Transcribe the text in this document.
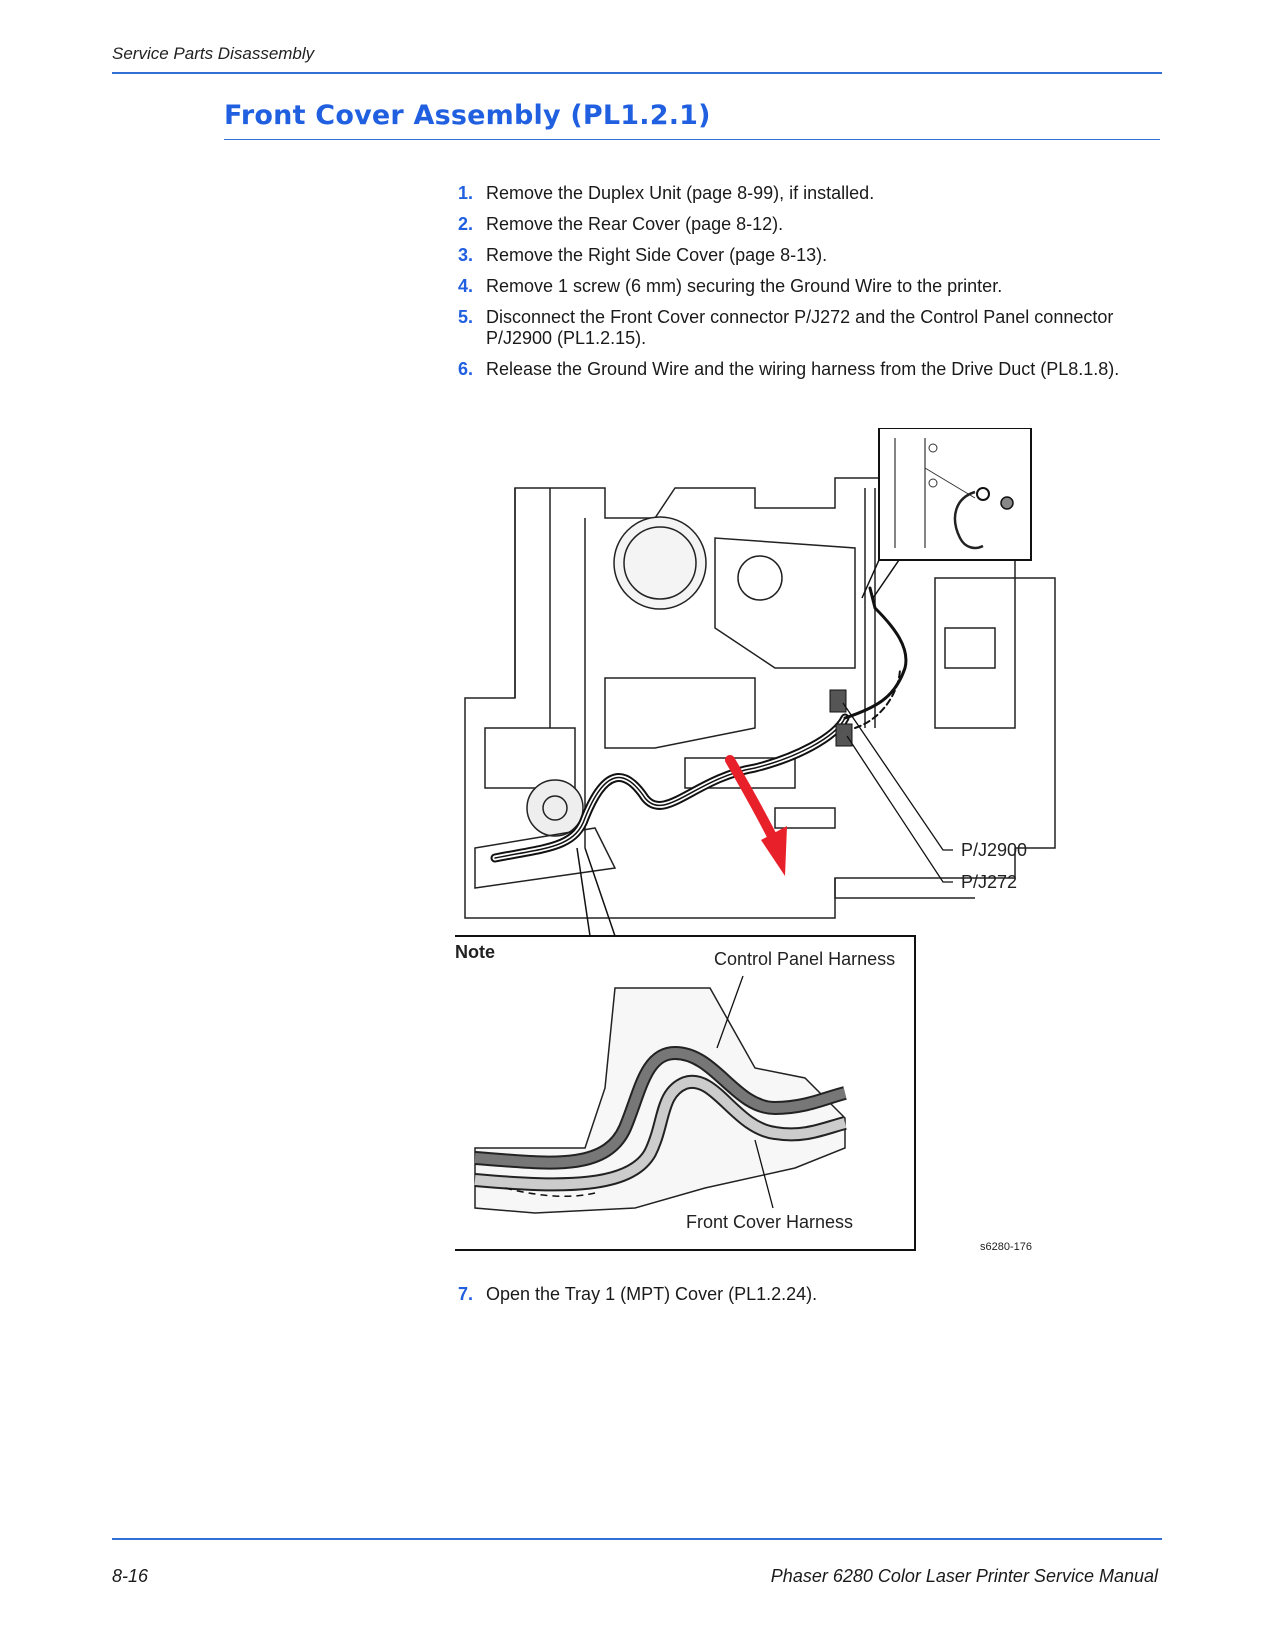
Service Parts Disassembly
Front Cover Assembly (PL1.2.1)
1. Remove the Duplex Unit (page 8-99), if installed.
2. Remove the Rear Cover (page 8-12).
3. Remove the Right Side Cover (page 8-13).
4. Remove 1 screw (6 mm) securing the Ground Wire to the printer.
5. Disconnect the Front Cover connector P/J272 and the Control Panel connector P/J2900 (PL1.2.15).
6. Release the Ground Wire and the wiring harness from the Drive Duct (PL8.1.8).
P/J2900
P/J272
Note	Control Panel Harness
Front Cover Harness
s6280-176
7. Open the Tray 1 (MPT) Cover (PL1.2.24).
8-16	Phaser 6280 Color Laser Printer Service Manual
